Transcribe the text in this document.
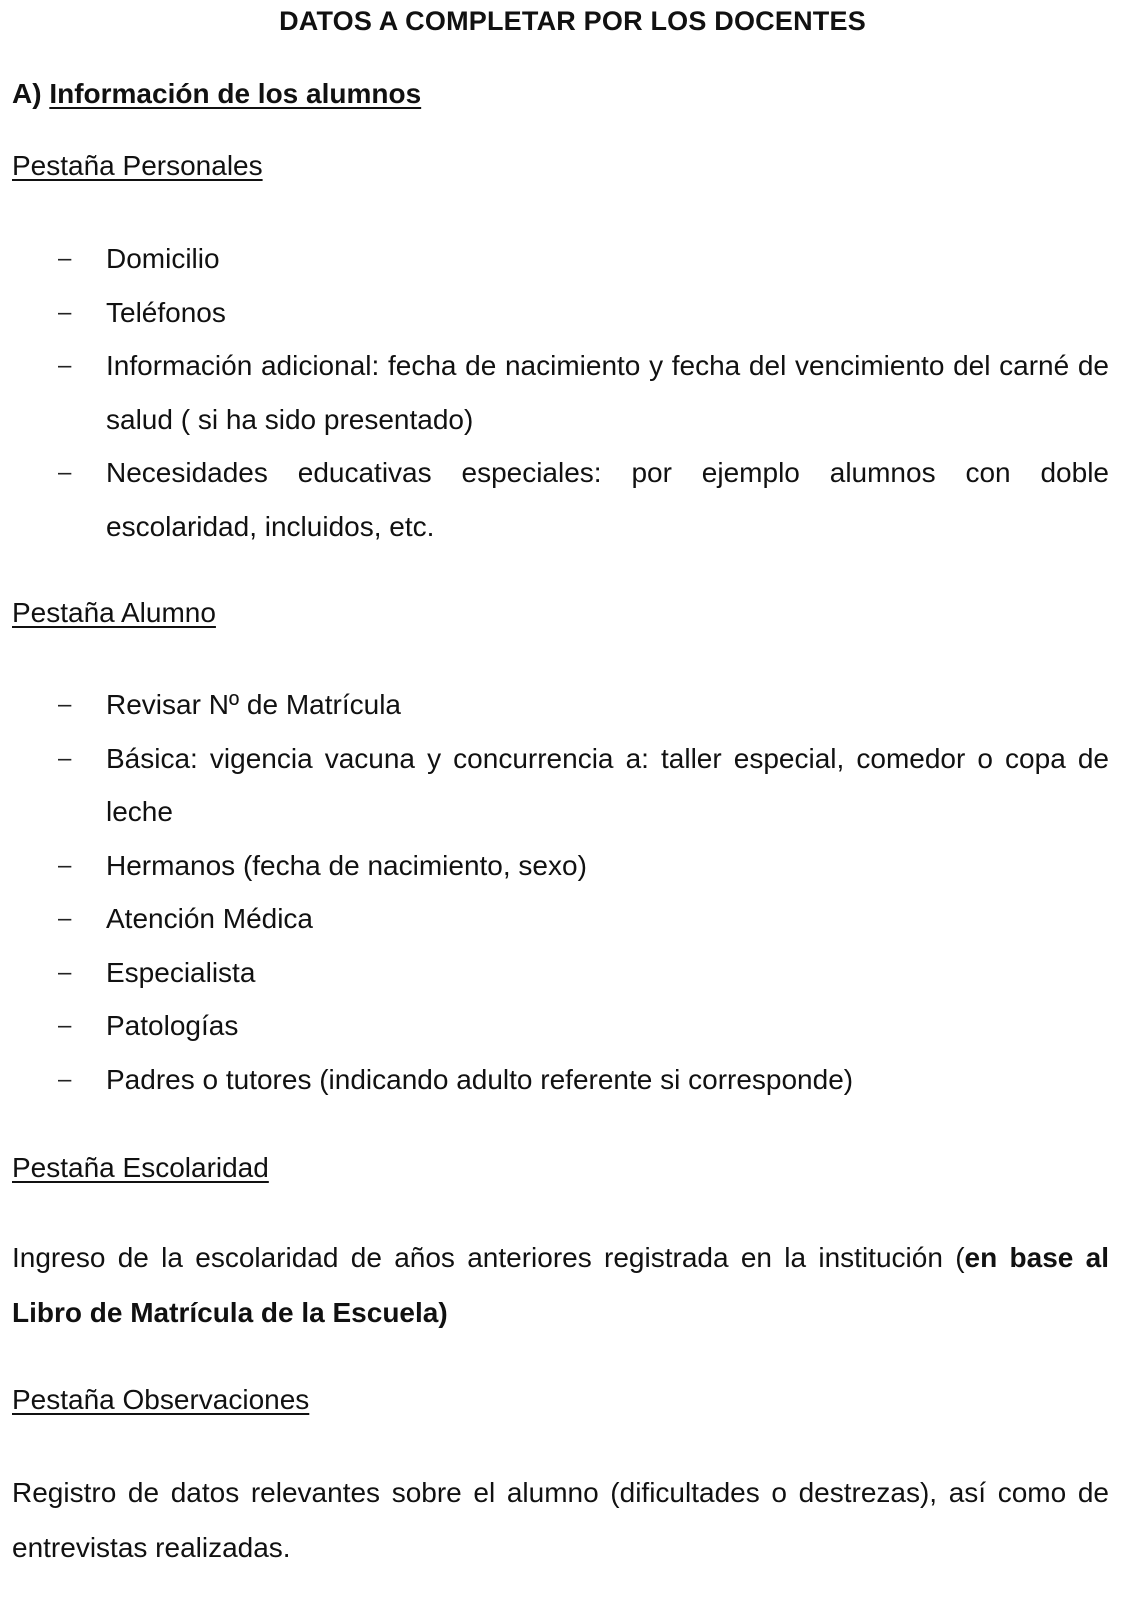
DATOS A COMPLETAR POR LOS DOCENTES
A) Información de los alumnos
Pestaña Personales
– Domicilio
– Teléfonos
– Información adicional: fecha de nacimiento y fecha del vencimiento del carné de salud ( si ha sido presentado)
– Necesidades educativas especiales: por ejemplo alumnos con doble escolaridad, incluidos, etc.
Pestaña Alumno
– Revisar Nº de Matrícula
– Básica: vigencia vacuna y concurrencia a: taller especial, comedor o copa de leche
– Hermanos (fecha de nacimiento, sexo)
– Atención Médica
– Especialista
– Patologías
– Padres o tutores (indicando adulto referente si corresponde)
Pestaña Escolaridad

Ingreso de la escolaridad de años anteriores registrada en la institución (en base al Libro de Matrícula de la Escuela)

Pestaña Observaciones

Registro de datos relevantes sobre el alumno (dificultades o destrezas), así como de entrevistas realizadas.
